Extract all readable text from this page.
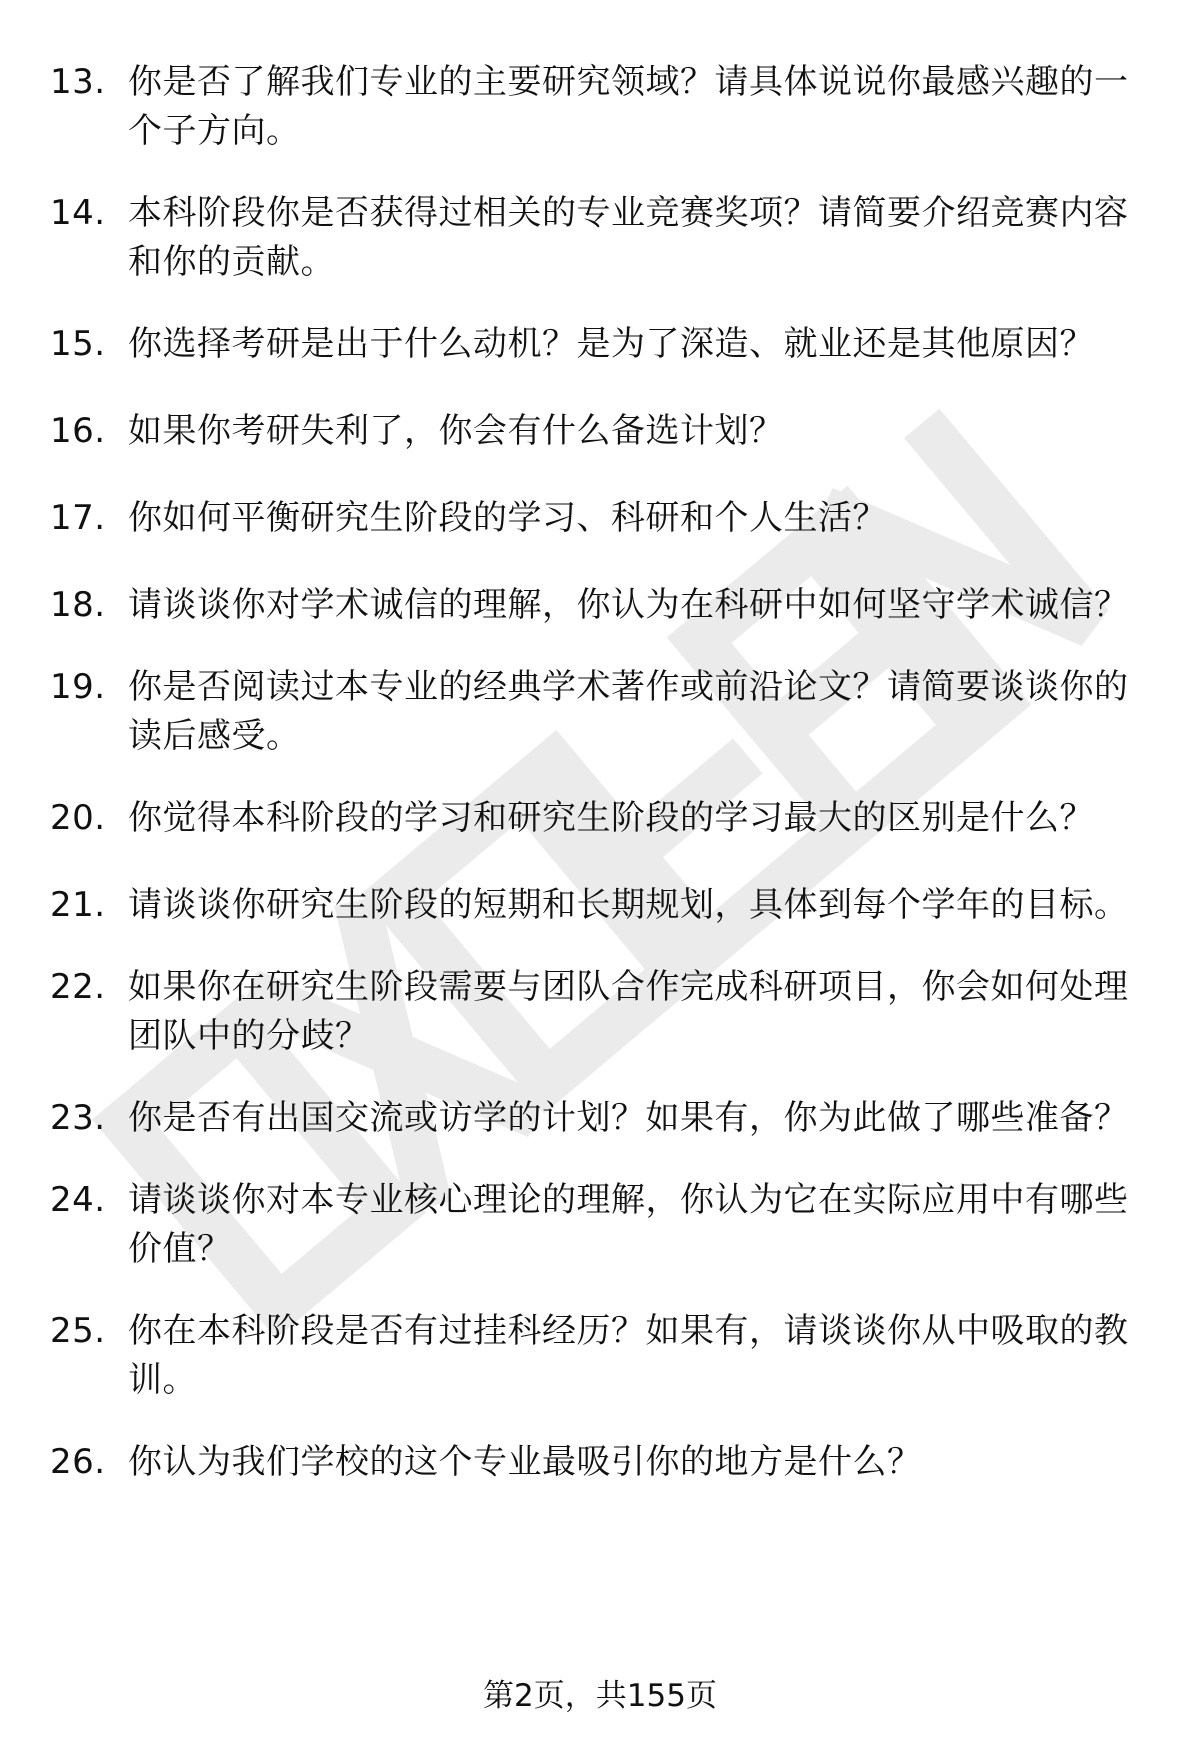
13. 你是否了解我们专业的主要研究领域？请具体说说你最感兴趣的一个子方向。
14. 本科阶段你是否获得过相关的专业竞赛奖项？请简要介绍竞赛内容和你的贡献。
15. 你选择考研是出于什么动机？是为了深造、就业还是其他原因？
16. 如果你考研失利了，你会有什么备选计划？
17. 你如何平衡研究生阶段的学习、科研和个人生活？
18. 请谈谈你对学术诚信的理解，你认为在科研中如何坚守学术诚信？
19. 你是否阅读过本专业的经典学术著作或前沿论文？请简要谈谈你的读后感受。
20. 你觉得本科阶段的学习和研究生阶段的学习最大的区别是什么？
21. 请谈谈你研究生阶段的短期和长期规划，具体到每个学年的目标。
22. 如果你在研究生阶段需要与团队合作完成科研项目，你会如何处理团队中的分歧？
23. 你是否有出国交流或访学的计划？如果有，你为此做了哪些准备？
24. 请谈谈你对本专业核心理论的理解，你认为它在实际应用中有哪些价值？
25. 你在本科阶段是否有过挂科经历？如果有，请谈谈你从中吸取的教训。
26. 你认为我们学校的这个专业最吸引你的地方是什么？
第2页，共155页
